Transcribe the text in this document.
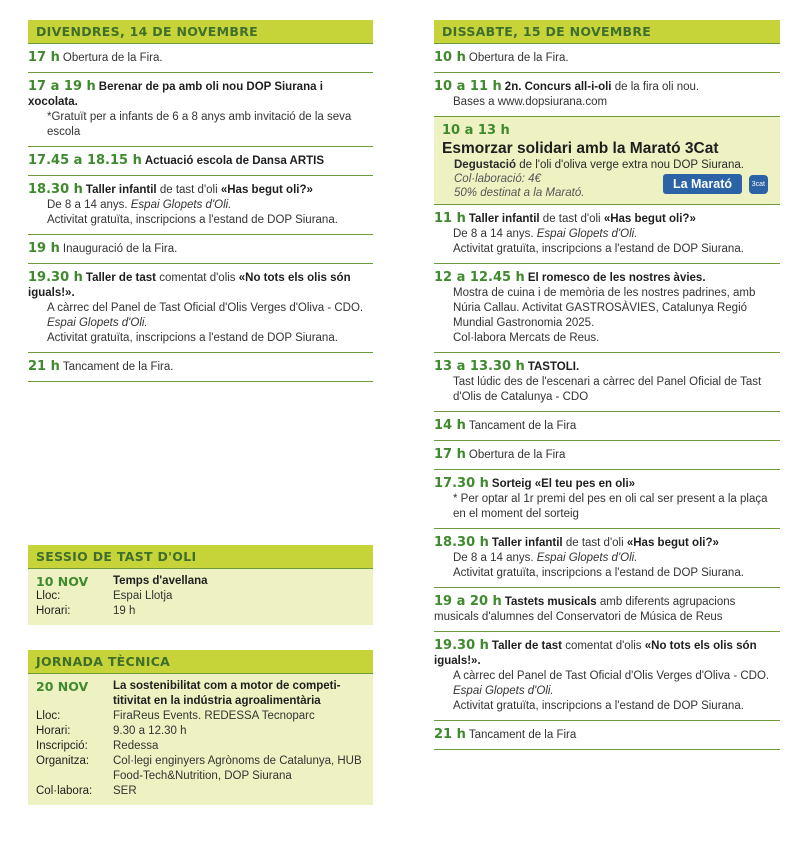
DIVENDRES, 14 DE NOVEMBRE
17 h Obertura de la Fira.
17 a 19 h Berenar de pa amb oli nou DOP Siurana i xocolata.
*Gratuït per a infants de 6 a 8 anys amb invitació de la seva escola
17.45 a 18.15 h Actuació escola de Dansa ARTIS
18.30 h Taller infantil de tast d'oli «Has begut oli?»
De 8 a 14 anys. Espai Glopets d'Oli.
Activitat gratuïta, inscripcions a l'estand de DOP Siurana.
19 h Inauguració de la Fira.
19.30 h Taller de tast comentat d'olis «No tots els olis són iguals!».
A càrrec del Panel de Tast Oficial d'Olis Verges d'Oliva - CDO. Espai Glopets d'Oli.
Activitat gratuïta, inscripcions a l'estand de DOP Siurana.
21 h Tancament de la Fira.
SESSIO DE TAST D'OLI
10 NOV	Temps d'avellana
Lloc:	Espai Llotja
Horari:	19 h
JORNADA TÈCNICA
20 NOV	La sostenibilitat com a motor de competi- titivitat en la indústria agroalimentària
Lloc:	FiraReus Events. REDESSA Tecnoparc
Horari:	9.30 a 12.30 h
Inscripció:	Redessa
Organitza:	Col·legi enginyers Agrònoms de Catalunya, HUB Food-Tech&Nutrition, DOP Siurana
Col·labora:	SER
DISSABTE, 15 DE NOVEMBRE
10 h Obertura de la Fira.
10 a 11 h 2n. Concurs all-i-oli de la fira oli nou.
Bases a www.dopsiurana.com
10 a 13 h
Esmorzar solidari amb la Marató 3Cat
Degustació de l'oli d'oliva verge extra nou DOP Siurana.
Col·laboració: 4€
50% destinat a la Marató.
La Marató	3cat
11 h Taller infantil de tast d'oli «Has begut oli?»
De 8 a 14 anys. Espai Glopets d'Oli.
Activitat gratuïta, inscripcions a l'estand de DOP Siurana.
12 a 12.45 h El romesco de les nostres àvies.
Mostra de cuina i de memòria de les nostres padrines, amb Núria Callau. Activitat GASTROSÀVIES, Catalunya Regió Mundial Gastronomia 2025.
Col·labora Mercats de Reus.
13 a 13.30 h TASTOLI.
Tast lúdic des de l'escenari a càrrec del Panel Oficial de Tast d'Olis de Catalunya - CDO
14 h Tancament de la Fira
17 h Obertura de la Fira
17.30 h Sorteig «El teu pes en oli»
* Per optar al 1r premi del pes en oli cal ser present a la plaça en el moment del sorteig
18.30 h Taller infantil de tast d'oli «Has begut oli?»
De 8 a 14 anys. Espai Glopets d'Oli.
Activitat gratuïta, inscripcions a l'estand de DOP Siurana.
19 a 20 h Tastets musicals amb diferents agrupacions musicals d'alumnes del Conservatori de Música de Reus
19.30 h Taller de tast comentat d'olis «No tots els olis són iguals!».
A càrrec del Panel de Tast Oficial d'Olis Verges d'Oliva - CDO. Espai Glopets d'Oli.
Activitat gratuïta, inscripcions a l'estand de DOP Siurana.
21 h Tancament de la Fira
